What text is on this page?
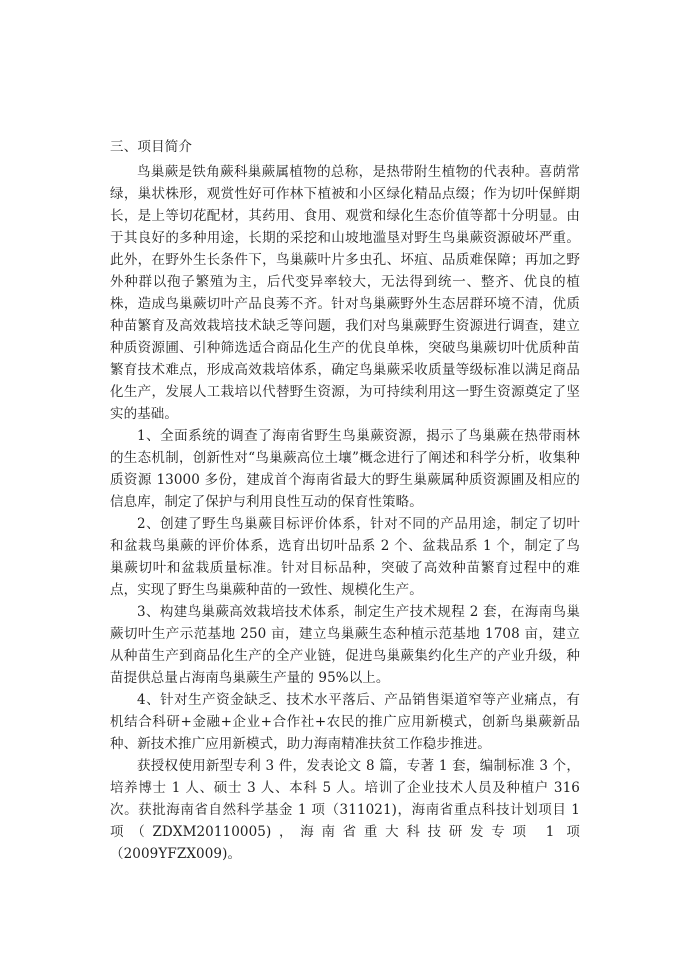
三、项目简介

鸟巢蕨是铁角蕨科巢蕨属植物的总称，是热带附生植物的代表种。喜荫常绿，巢状株形，观赏性好可作林下植被和小区绿化精品点缀；作为切叶保鲜期长，是上等切花配材，其药用、食用、观赏和绿化生态价值等都十分明显。由于其良好的多种用途，长期的采挖和山坡地滥垦对野生鸟巢蕨资源破坏严重。此外，在野外生长条件下，鸟巢蕨叶片多虫孔、坏疽、品质难保障；再加之野外种群以孢子繁殖为主，后代变异率较大，无法得到统一、整齐、优良的植株，造成鸟巢蕨切叶产品良莠不齐。针对鸟巢蕨野外生态居群环境不清，优质种苗繁育及高效栽培技术缺乏等问题，我们对鸟巢蕨野生资源进行调查，建立种质资源圃、引种筛选适合商品化生产的优良单株，突破鸟巢蕨切叶优质种苗繁育技术难点，形成高效栽培体系，确定鸟巢蕨采收质量等级标准以满足商品化生产，发展人工栽培以代替野生资源，为可持续利用这一野生资源奠定了坚实的基础。

1、全面系统的调查了海南省野生鸟巢蕨资源，揭示了鸟巢蕨在热带雨林的生态机制，创新性对“鸟巢蕨高位土壤”概念进行了阐述和科学分析，收集种质资源 13000 多份，建成首个海南省最大的野生巢蕨属种质资源圃及相应的信息库，制定了保护与利用良性互动的保育性策略。

2、创建了野生鸟巢蕨目标评价体系，针对不同的产品用途，制定了切叶和盆栽鸟巢蕨的评价体系，选育出切叶品系 2 个、盆栽品系 1 个，制定了鸟巢蕨切叶和盆栽质量标准。针对目标品种，突破了高效种苗繁育过程中的难点，实现了野生鸟巢蕨种苗的一致性、规模化生产。

3、构建鸟巢蕨高效栽培技术体系，制定生产技术规程 2 套，在海南鸟巢蕨切叶生产示范基地 250 亩，建立鸟巢蕨生态种植示范基地 1708 亩，建立从种苗生产到商品化生产的全产业链，促进鸟巢蕨集约化生产的产业升级，种苗提供总量占海南鸟巢蕨生产量的 95%以上。

4、针对生产资金缺乏、技术水平落后、产品销售渠道窄等产业痛点，有机结合科研+金融+企业+合作社+农民的推广应用新模式，创新鸟巢蕨新品种、新技术推广应用新模式，助力海南精准扶贫工作稳步推进。

获授权使用新型专利 3 件，发表论文 8 篇，专著 1 套，编制标准 3 个，培养博士 1 人、硕士 3 人、本科 5 人。培训了企业技术人员及种植户 316 次。获批海南省自然科学基金 1 项（311021)，海南省重点科技计划项目 1 项（ZDXM20110005)，海南省重大科技研发专项 1 项（2009YFZX009)。
